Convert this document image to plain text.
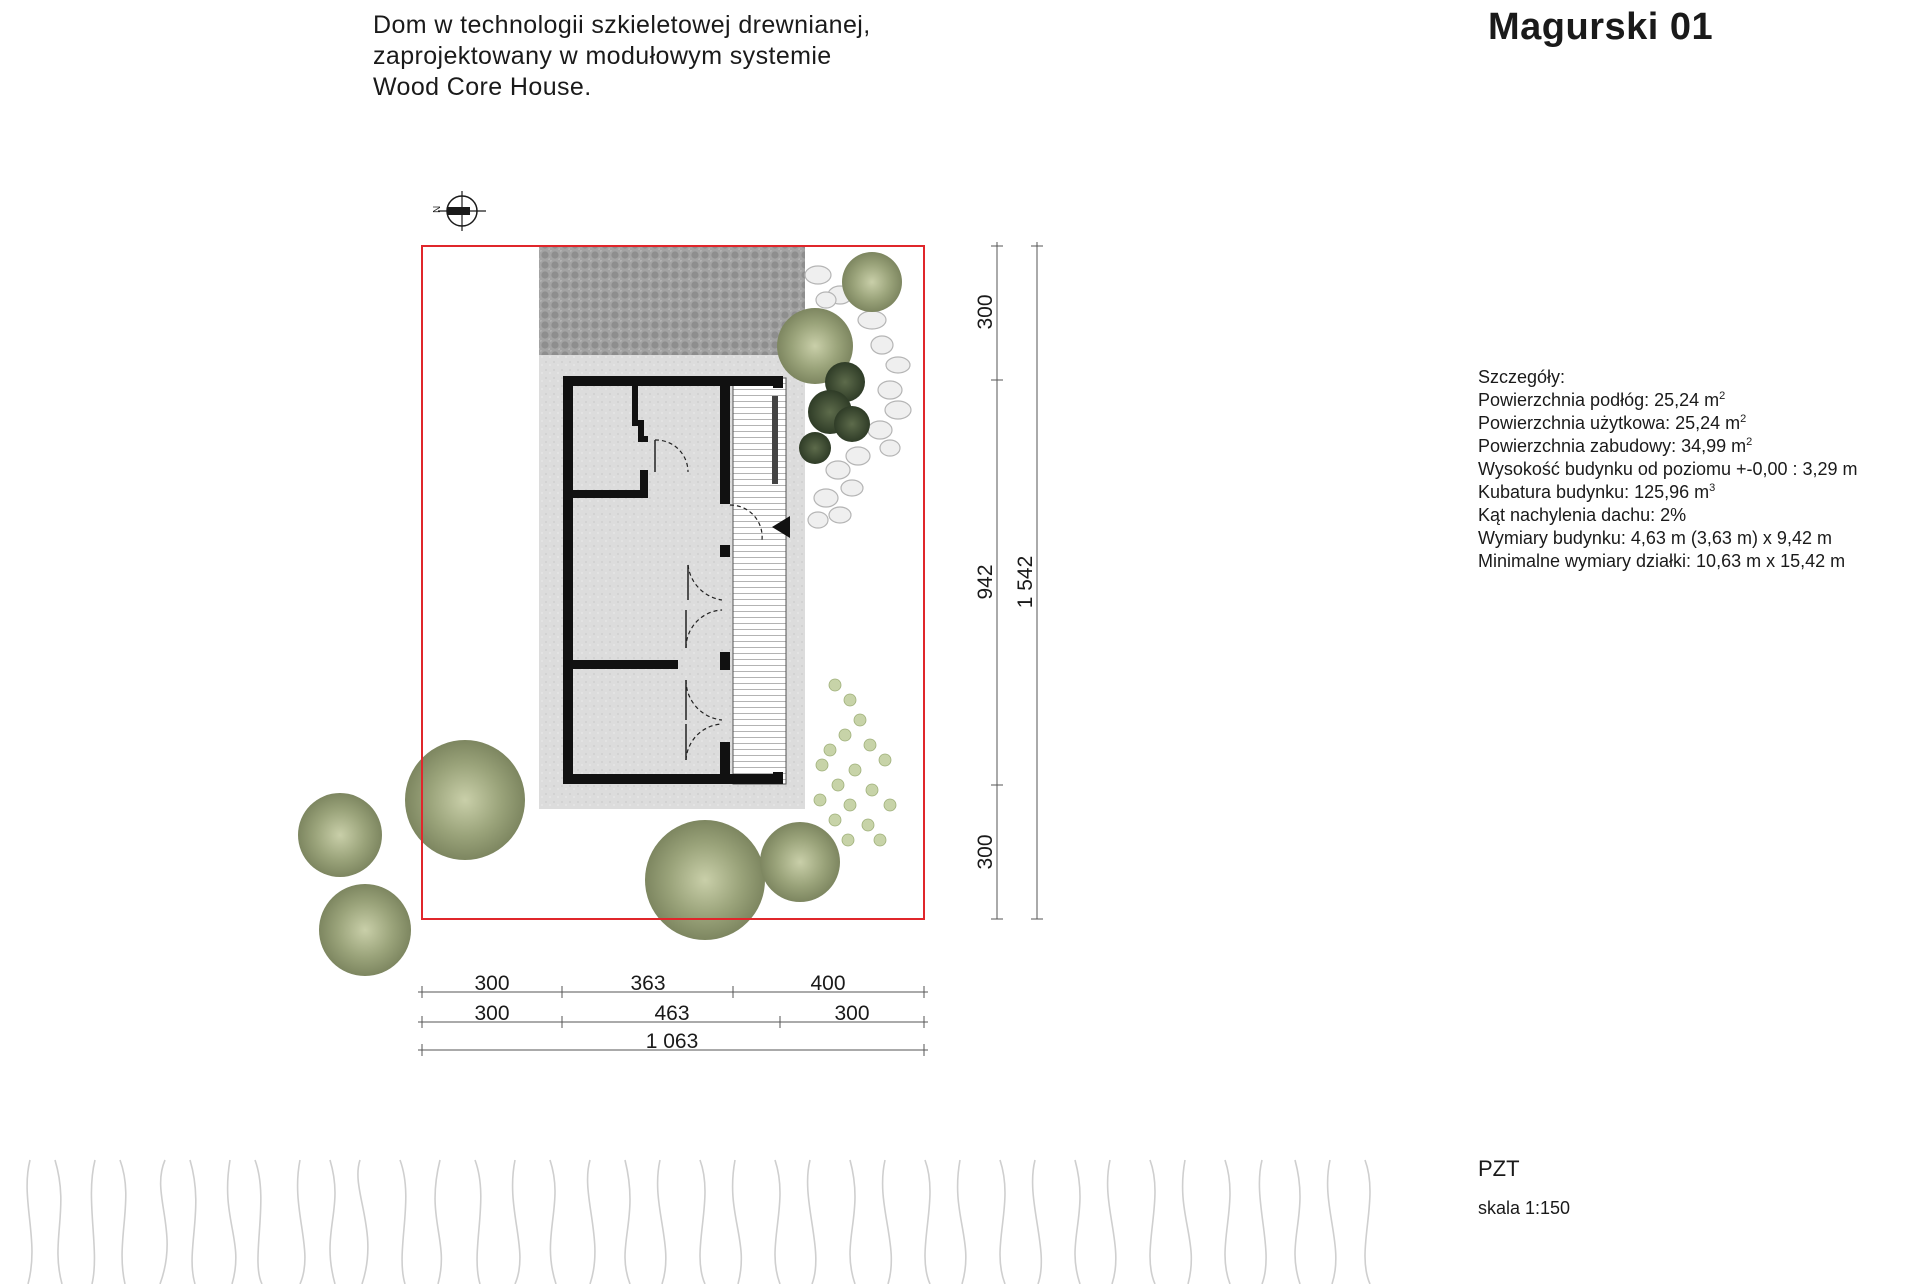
Dom w technologii szkieletowej drewnianej,
zaprojektowany w modułowym systemie
Wood Core House.
Magurski 01
Szczegóły:
Powierzchnia podłóg: 25,24 $m^2$
Powierzchnia użytkowa: 25,24 $m^2$
Powierzchnia zabudowy: 34,99 $m^2$
Wysokość budynku od poziomu +-0,00 : 3,29 m
Kubatura budynku: 125,96 $m^3$
Kąt nachylenia dachu: 2%
Wymiary budynku: 4,63 m (3,63 m) x 9,42 m
Minimalne wymiary działki: 10,63 m x 15,42 m
PZT
skala 1:150
N
300
942
300
1 542
300	363	400
300	463	300
1 063
